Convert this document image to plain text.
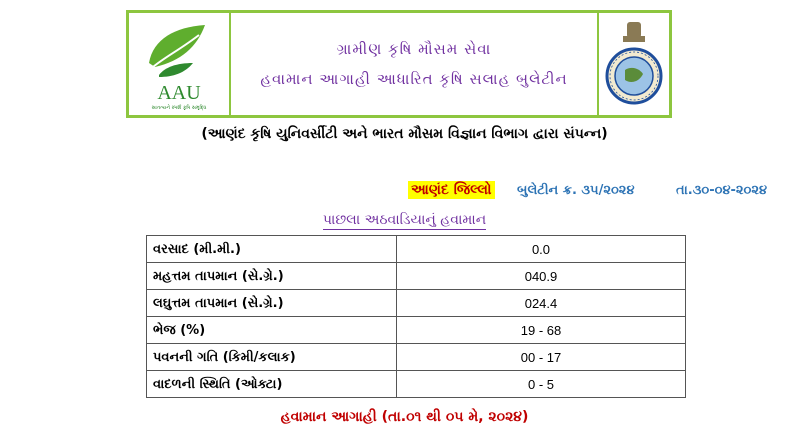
AAU
સાતત્યને સ્પર્શ કૃષિ સમૃદ્ધિ
ગ્રામીણ કૃષિ મૌસમ સેવા
હવામાન આગાહી આધારિત કૃષિ સલાહ બુલેટીન
(આણંદ કૃષિ યુનિવર્સીટી અને ભારત મૌસમ વિજ્ઞાન વિભાગ દ્વારા સંપન્ન)
આણંદ જિલ્લો બુલેટીન ક્ર. ૩૫/૨૦૨૪	તા.૩૦-૦૪-૨૦૨૪
પાછલા અઠવાડિયાનું હવામાન
વરસાદ (મી.મી.)	0.0
મહત્તમ તાપમાન (સે.ગ્રે.)	040.9
લઘુત્તમ તાપમાન (સે.ગ્રે.)	024.4
ભેજ (%)	19 - 68
પવનની ગતિ (કિમી/કલાક)	00 - 17
વાદળની સ્થિતિ (ઓક્ટા)	0 - 5
હવામાન આગાહી (તા.૦૧ થી ૦૫ મે, ૨૦૨૪)
